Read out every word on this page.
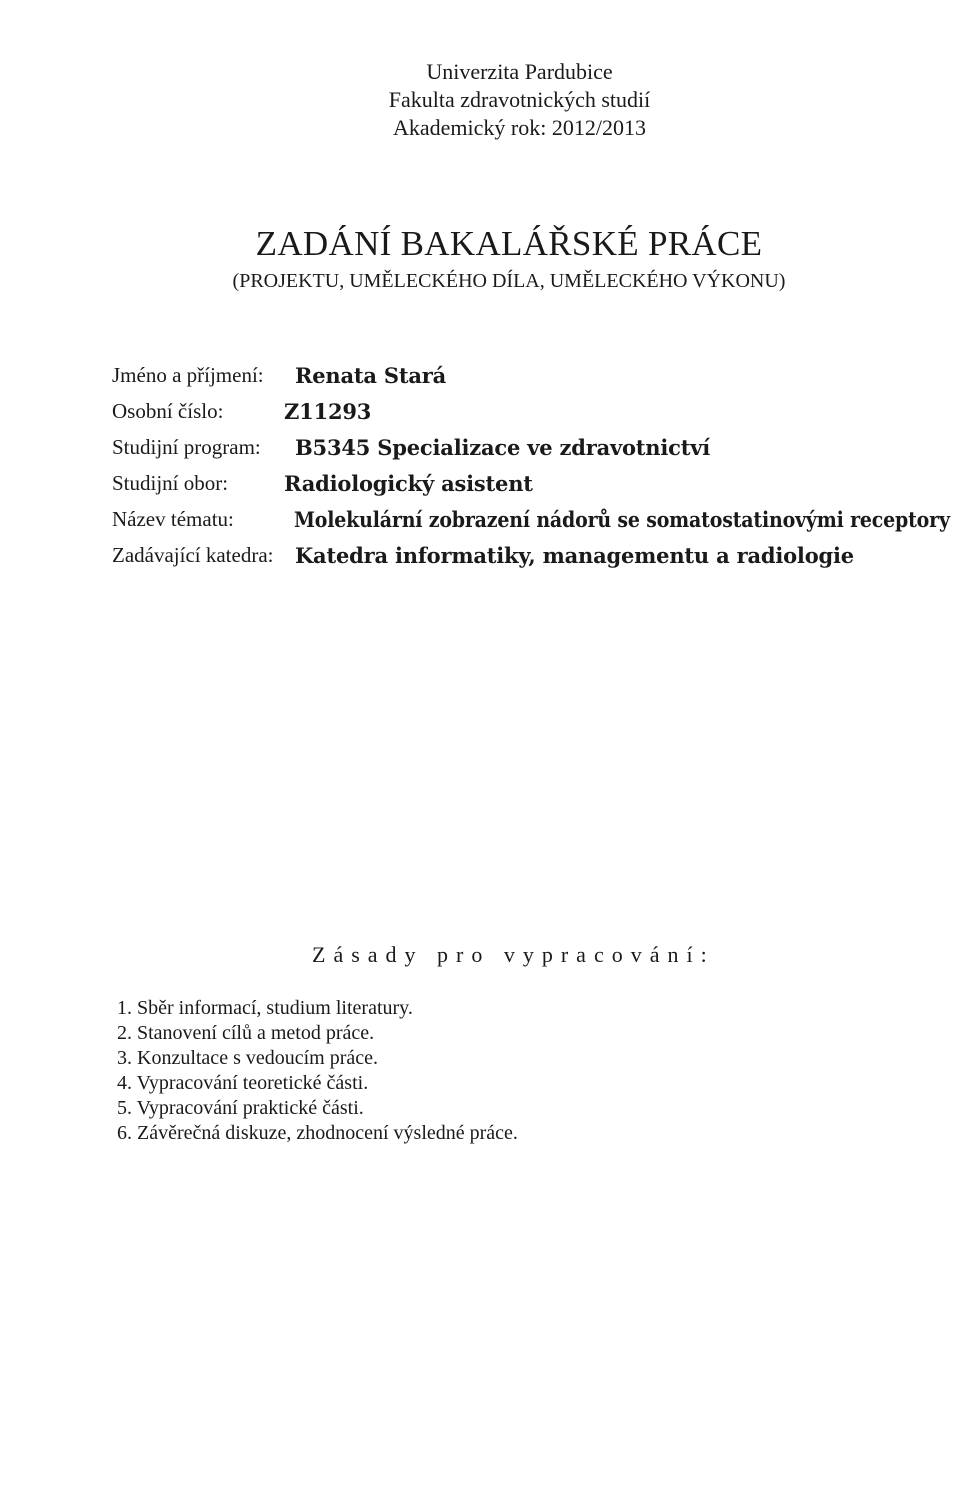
Univerzita Pardubice
Fakulta zdravotnických studií
Akademický rok: 2012/2013
ZADÁNÍ BAKALÁŘSKÉ PRÁCE
(PROJEKTU, UMĚLECKÉHO DÍLA, UMĚLECKÉHO VÝKONU)
Jméno a příjmení: Renata Stará
Osobní číslo:	Z11293
Studijní program: B5345 Specializace ve zdravotnictví
Studijní obor:	Radiologický asistent
Název tématu:	Molekulární zobrazení nádorů se somatostatinovými receptory
Zadávající katedra: Katedra informatiky, managementu a radiologie
Zásady pro vypracování:
1. Sběr informací, studium literatury.
2. Stanovení cílů a metod práce.
3. Konzultace s vedoucím práce.
4. Vypracování teoretické části.
5. Vypracování praktické části.
6. Závěrečná diskuze, zhodnocení výsledné práce.
